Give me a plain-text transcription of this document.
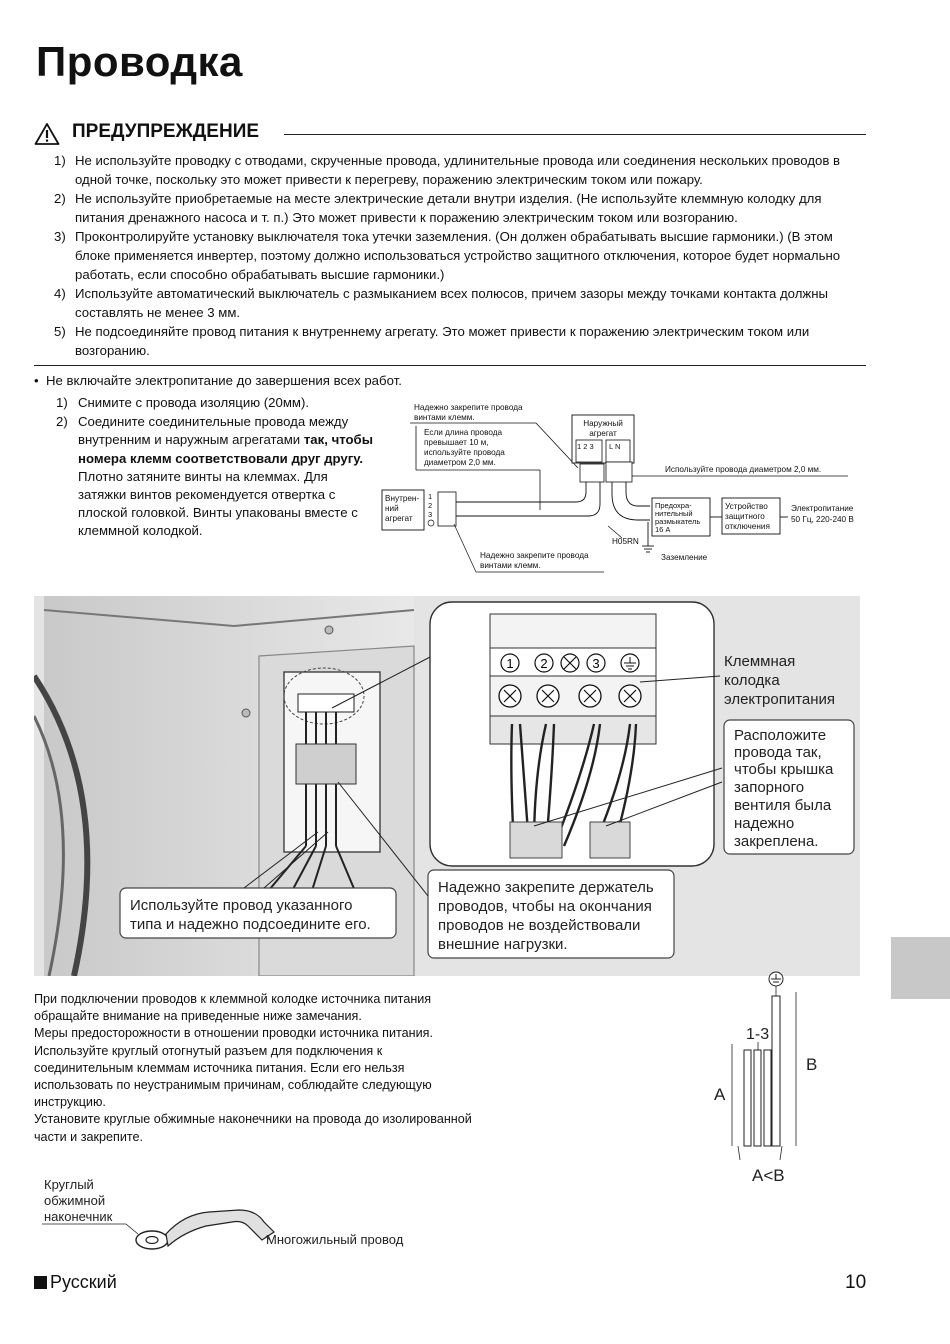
Проводка
ПРЕДУПРЕЖДЕНИЕ
1) Не используйте проводку с отводами, скрученные провода, удлинительные провода или соединения нескольких проводов в одной точке, поскольку это может привести к перегреву, поражению электрическим током или пожару.
2) Не используйте приобретаемые на месте электрические детали внутри изделия. (Не используйте клеммную колодку для питания дренажного насоса и т. п.) Это может привести к поражению электрическим током или возгоранию.
3) Проконтролируйте установку выключателя тока утечки заземления. (Он должен обрабатывать высшие гармоники.) (В этом блоке применяется инвертер, поэтому должно использоваться устройство защитного отключения, которое будет нормально работать, если способно обрабатывать высшие гармоники.)
4) Используйте автоматический выключатель с размыканием всех полюсов, причем зазоры между точками контакта должны составлять не менее 3 мм.
5) Не подсоединяйте провод питания к внутреннему агрегату. Это может привести к поражению электрическим током или возгоранию.
•  Не включайте электропитание до завершения всех работ.
1) Снимите с провода изоляцию (20мм).
2) Соедините соединительные провода между внутренним и наружным агрегатами так, чтобы номера клемм соответствовали друг другу. Плотно затяните винты на клеммах. Для затяжки винтов рекомендуется отвертка с плоской головкой. Винты упакованы вместе с клеммной колодкой.
Надежно закрепите провода
винтами клемм.
Если длина провода
превышает 10 м,
используйте провода
диаметром 2,0 мм.
Наружный
агрегат
1 2 3 L N
Используйте провода диаметром 2,0 мм.
Внутрен-
ний
агрегат
1
2
3
Предохра-
нительный
размыкатель
16 А
Устройство
защитного
отключения
Электропитание
50 Гц, 220-240 В
H05RN
Заземление
Надежно закрепите провода
винтами клемм.
1 2	3	Клеммная
колодка
электропитания
Расположите
провода так,
чтобы крышка
запорного
вентиля была
надежно
закреплена.
Используйте провод указанного
типа и надежно подсоедините его.
Надежно закрепите держатель
проводов, чтобы на окончания
проводов не воздействовали
внешние нагрузки.

При подключении проводов к клеммной колодке источника питания обращайте внимание на приведенные ниже замечания.

Меры предосторожности в отношении проводки источника питания.

Используйте круглый отогнутый разъем для подключения к соединительным клеммам источника питания. Если его нельзя использовать по неустранимым причинам, соблюдайте следующую инструкцию.

Установите круглые обжимные наконечники на провода до изолированной части и закрепите.

Круглый
обжимной
наконечник
Многожильный провод
1-3
A
B
A<B
Русский	10
